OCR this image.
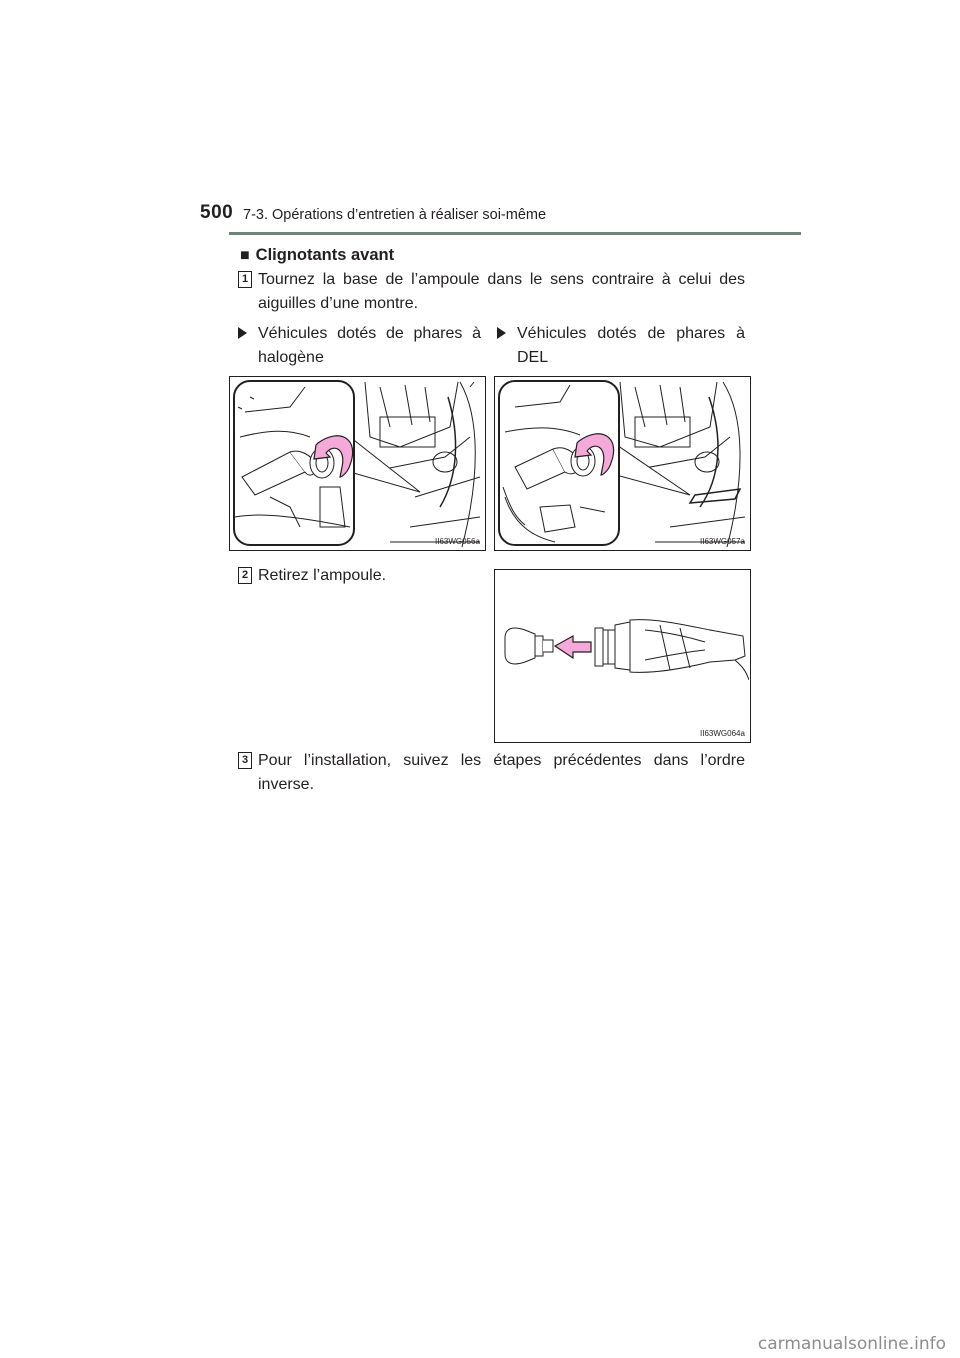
500 7-3. Opérations d’entretien à réaliser soi-même
■ Clignotants avant
1 Tournez la base de l’ampoule dans le sens contraire à celui des aiguilles d’une montre.
Véhicules dotés de phares à halogène
Véhicules dotés de phares à DEL
II63WG056a	II63WG057a
2 Retirez l’ampoule.
II63WG064a
3 Pour l’installation, suivez les étapes précédentes dans l’ordre inverse.
carmanualsonline.info
